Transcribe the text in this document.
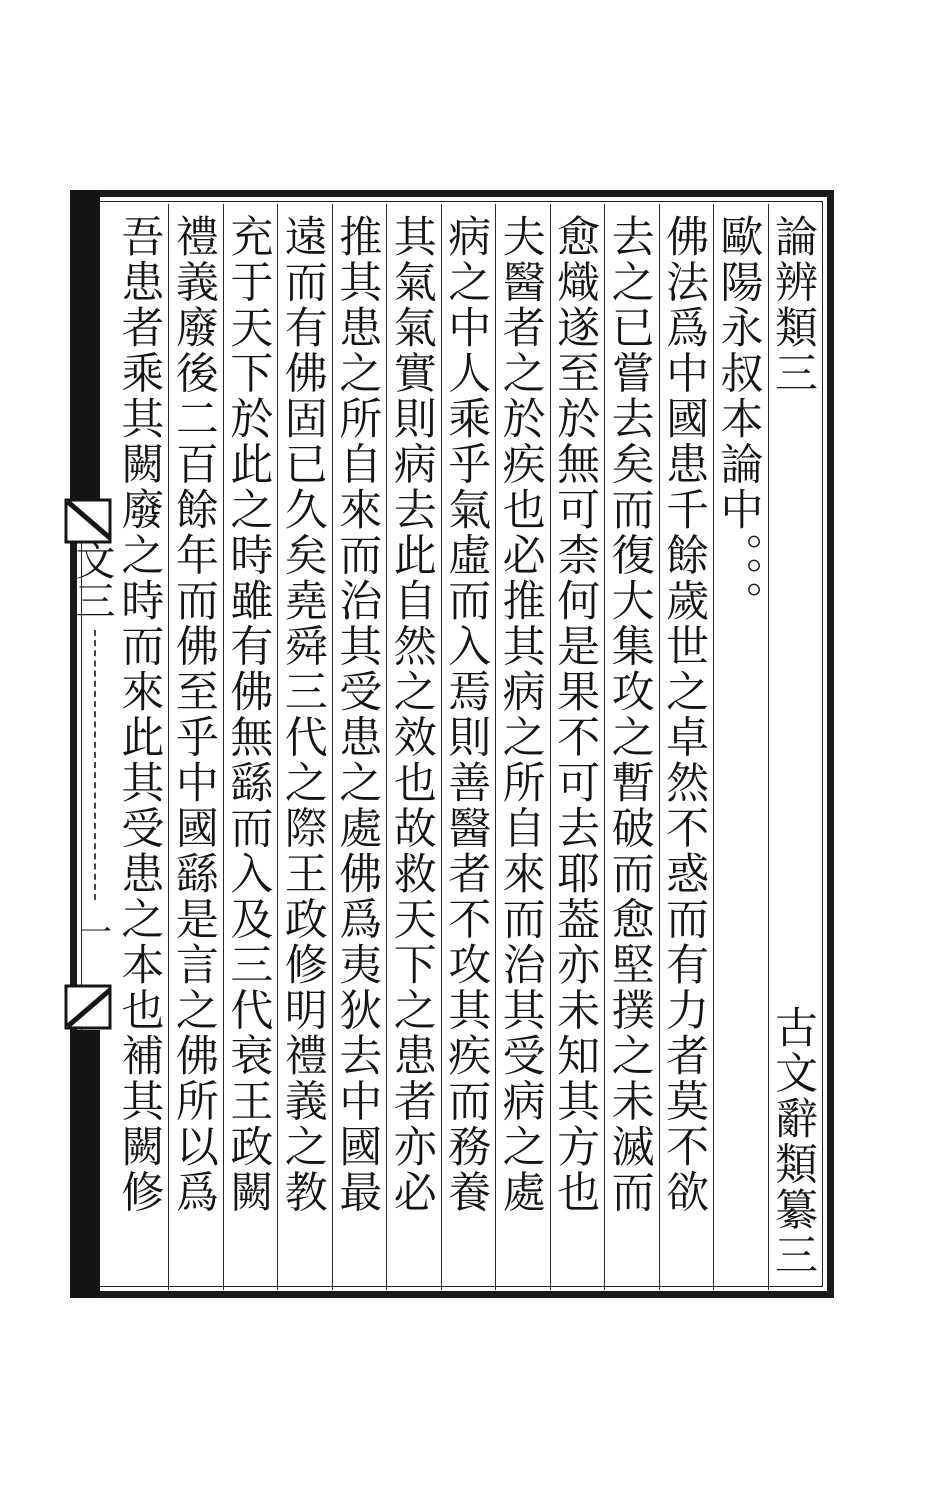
文三
一
論辨類三
古文辭類纂三
歐陽永叔本論中。。。
佛法爲中國患千餘歲世之卓然不惑而有力者莫不欲
去之已嘗去矣而復大集攻之暫破而愈堅撲之未滅而
愈熾遂至於無可柰何是果不可去耶葢亦未知其方也
夫醫者之於疾也必推其病之所自來而治其受病之處
病之中人乘乎氣虛而入焉則善醫者不攻其疾而務養
其氣氣實則病去此自然之效也故救天下之患者亦必
推其患之所自來而治其受患之處佛爲夷狄去中國最
遠而有佛固已久矣堯舜三代之際王政修明禮義之教
充于天下於此之時雖有佛無繇而入及三代衰王政闕
禮義廢後二百餘年而佛至乎中國繇是言之佛所以爲
吾患者乘其闕廢之時而來此其受患之本也補其闕修
